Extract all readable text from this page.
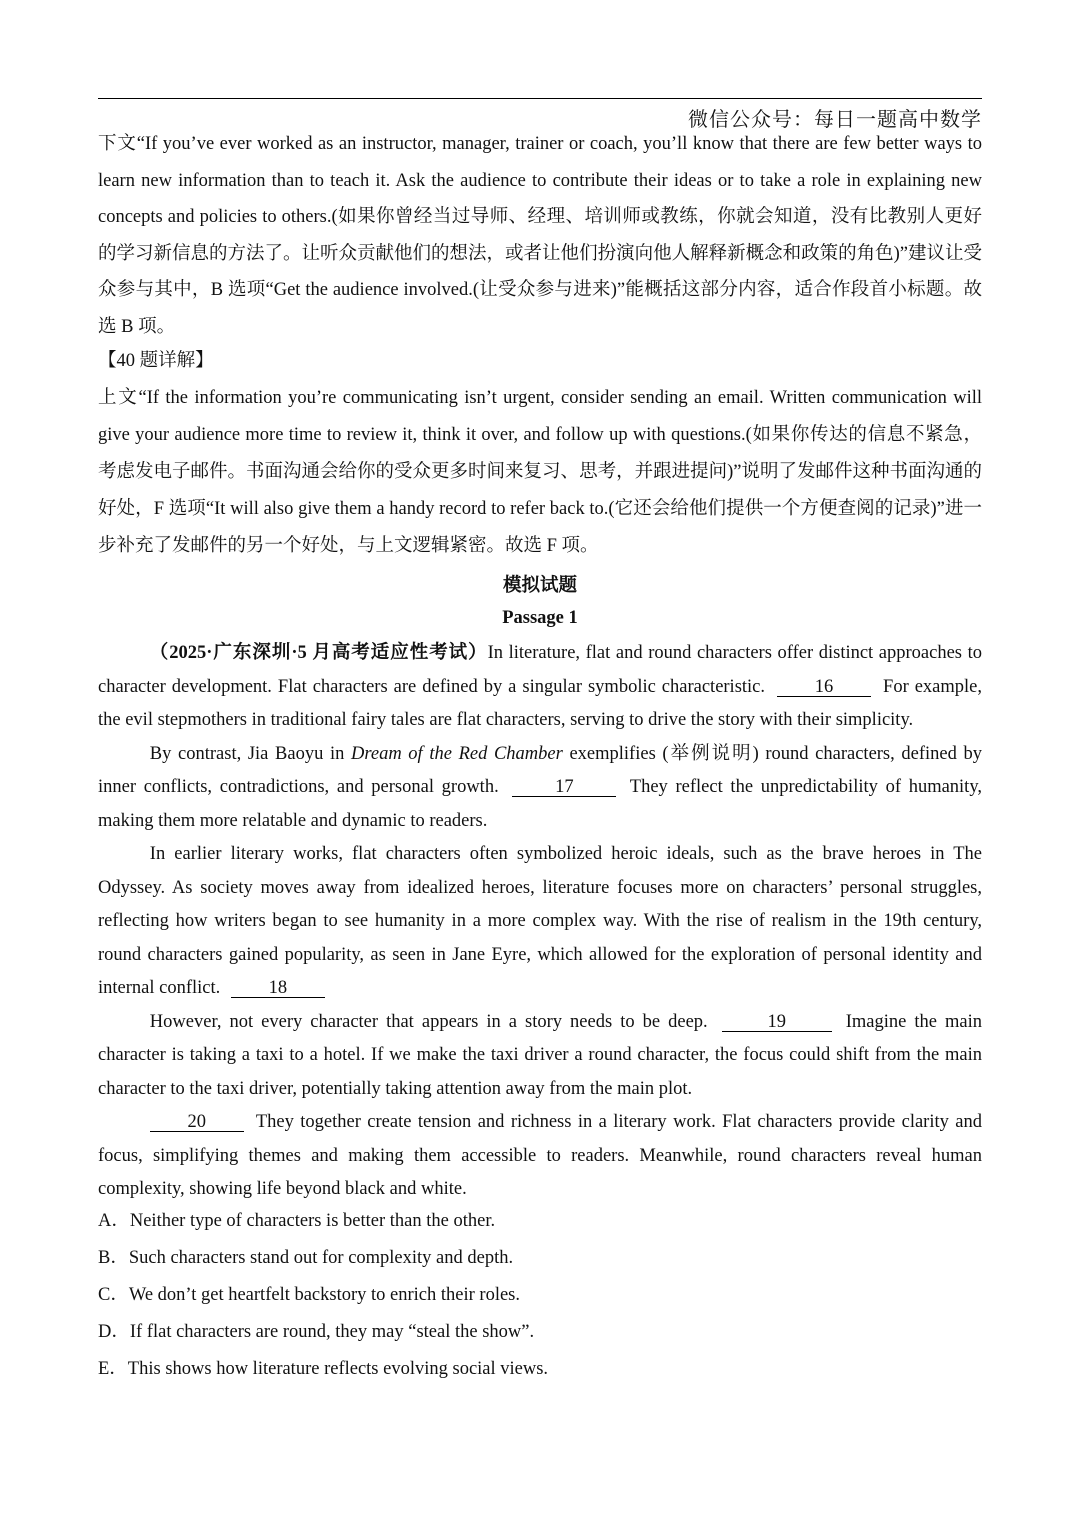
微信公众号：每日一题高中数学

下文“If you’ve ever worked as an instructor, manager, trainer or coach, you’ll know that there are few better ways to learn new information than to teach it. Ask the audience to contribute their ideas or to take a role in explaining new concepts and policies to others.(如果你曾经当过导师、经理、培训师或教练，你就会知道，没有比教别人更好的学习新信息的方法了。让听众贡献他们的想法，或者让他们扮演向他人解释新概念和政策的角色)”建议让受众参与其中，B 选项“Get the audience involved.(让受众参与进来)”能概括这部分内容，适合作段首小标题。故选 B 项。

【40 题详解】

上文“If the information you’re communicating isn’t urgent, consider sending an email. Written communication will give your audience more time to review it, think it over, and follow up with questions.(如果你传达的信息不紧急，考虑发电子邮件。书面沟通会给你的受众更多时间来复习、思考，并跟进提问)”说明了发邮件这种书面沟通的好处，F 选项“It will also give them a handy record to refer back to.(它还会给他们提供一个方便查阅的记录)”进一步补充了发邮件的另一个好处，与上文逻辑紧密。故选 F 项。

模拟试题
Passage 1

（2025·广东深圳·5 月高考适应性考试）In literature, flat and round characters offer distinct approaches to character development. Flat characters are defined by a singular symbolic characteristic.	16	For example, the evil stepmothers in traditional fairy tales are flat characters, serving to drive the story with their simplicity.

By contrast, Jia Baoyu in Dream of the Red Chamber exemplifies (举例说明) round characters, defined by inner conflicts, contradictions, and personal growth.	17	They reflect the unpredictability of humanity, making them more relatable and dynamic to readers.

In earlier literary works, flat characters often symbolized heroic ideals, such as the brave heroes in The Odyssey. As society moves away from idealized heroes, literature focuses more on characters’ personal struggles, reflecting how writers began to see humanity in a more complex way. With the rise of realism in the 19th century, round characters gained popularity, as seen in Jane Eyre, which allowed for the exploration of personal identity and internal conflict.	18

However, not every character that appears in a story needs to be deep.	19	Imagine the main character is taking a taxi to a hotel. If we make the taxi driver a round character, the focus could shift from the main character to the taxi driver, potentially taking attention away from the main plot.

20	They together create tension and richness in a literary work. Flat characters provide clarity and focus, simplifying themes and making them accessible to readers. Meanwhile, round characters reveal human complexity, showing life beyond black and white.

A．Neither type of characters is better than the other.
B．Such characters stand out for complexity and depth.
C．We don’t get heartfelt backstory to enrich their roles.
D．If flat characters are round, they may “steal the show”.
E．This shows how literature reflects evolving social views.
